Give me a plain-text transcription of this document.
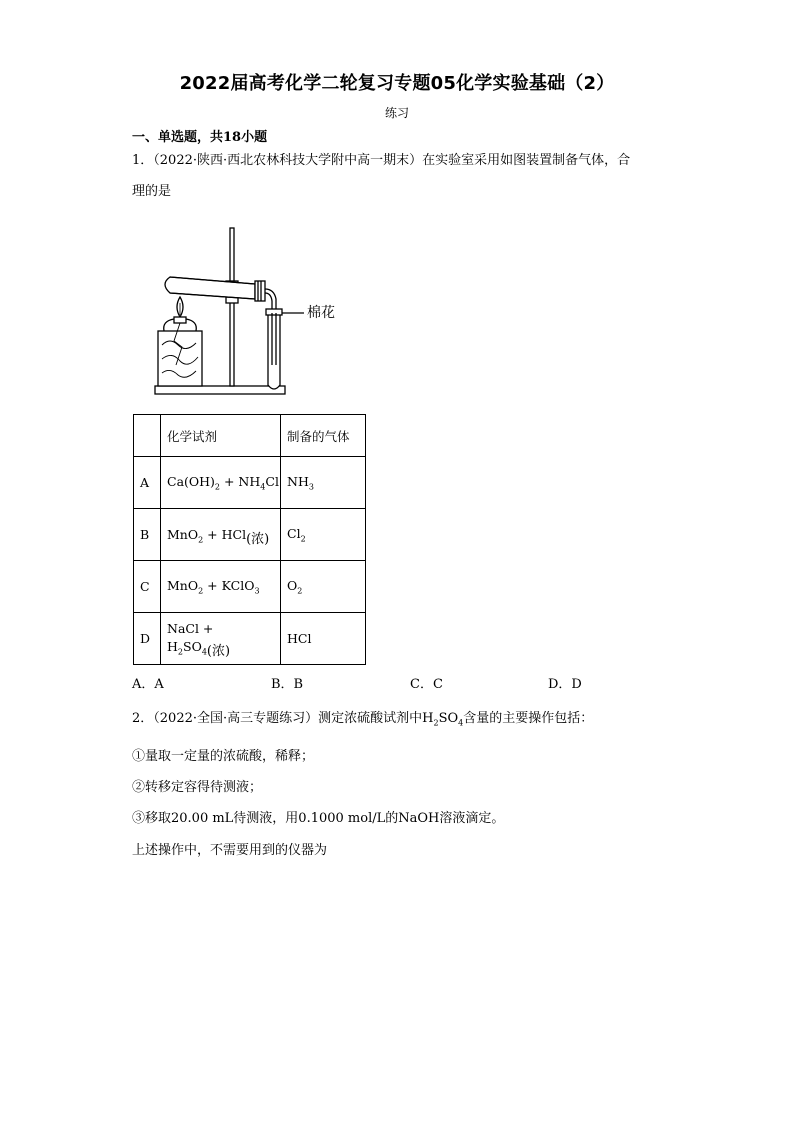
2022届高考化学二轮复习专题05化学实验基础（2）
练习
一、单选题，共18小题
1．（2022·陕西·西北农林科技大学附中高一期末）在实验室采用如图装置制备气体，合
理的是
棉花
	化学试剂	制备的气体
A	$Ca(OH)_2 + NH_4Cl$	$NH_3$
B	MnO$_2$ + HCl(浓)	$Cl_2$
C	MnO$_2$ + KClO$_3$	$O_2$
D	NaCl + $H_2SO_4$(浓)	HCl
A．A	B．B	C．C	D．D
2．（2022·全国·高三专题练习）测定浓硫酸试剂中$H_2SO_4$含量的主要操作包括：
①量取一定量的浓硫酸，稀释；
②转移定容得待测液；
③移取20.00 mL待测液，用0.1000 mol/L的NaOH溶液滴定。
上述操作中，不需要用到的仪器为
